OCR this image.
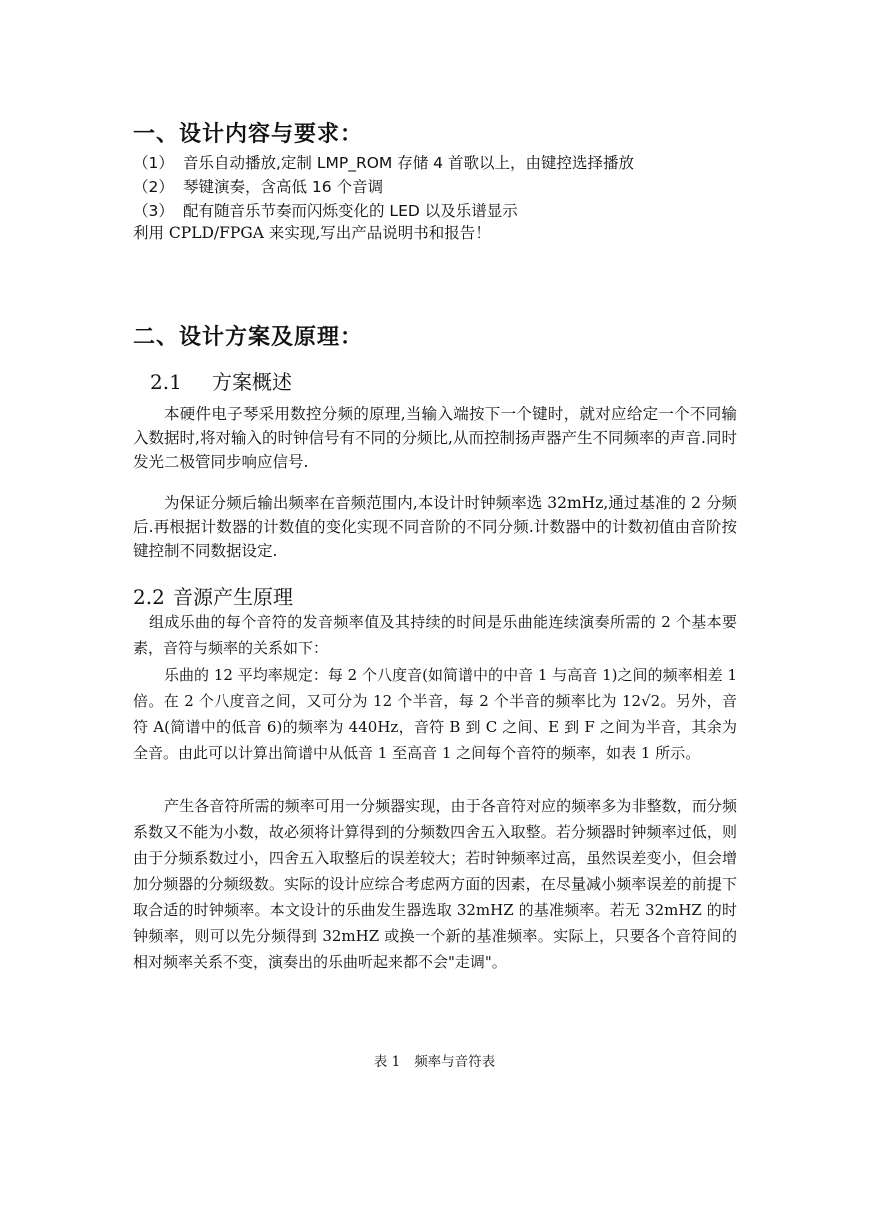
一、设计内容与要求：
（1） 音乐自动播放,定制 LMP_ROM 存储 4 首歌以上，由键控选择播放
（2） 琴键演奏，含高低 16 个音调
（3） 配有随音乐节奏而闪烁变化的 LED 以及乐谱显示
利用 CPLD/FPGA 来实现,写出产品说明书和报告！
二、设计方案及原理：
2.1 方案概述

本硬件电子琴采用数控分频的原理,当输入端按下一个键时，就对应给定一个不同输入数据时,将对输入的时钟信号有不同的分频比,从而控制扬声器产生不同频率的声音.同时发光二极管同步响应信号.

为保证分频后输出频率在音频范围内,本设计时钟频率选 32mHz,通过基准的 2 分频后.再根据计数器的计数值的变化实现不同音阶的不同分频.计数器中的计数初值由音阶按键控制不同数据设定.

2.2 音源产生原理

组成乐曲的每个音符的发音频率值及其持续的时间是乐曲能连续演奏所需的 2 个基本要素，音符与频率的关系如下：

乐曲的 12 平均率规定：每 2 个八度音(如简谱中的中音 1 与高音 1)之间的频率相差 1 倍。在 2 个八度音之间，又可分为 12 个半音，每 2 个半音的频率比为 12√2。另外，音符 A(简谱中的低音 6)的频率为 440Hz，音符 B 到 C 之间、E 到 F 之间为半音，其余为全音。由此可以计算出简谱中从低音 1 至高音 1 之间每个音符的频率，如表 1 所示。

产生各音符所需的频率可用一分频器实现，由于各音符对应的频率多为非整数，而分频系数又不能为小数，故必须将计算得到的分频数四舍五入取整。若分频器时钟频率过低，则由于分频系数过小，四舍五入取整后的误差较大；若时钟频率过高，虽然误差变小，但会增加分频器的分频级数。实际的设计应综合考虑两方面的因素，在尽量减小频率误差的前提下取合适的时钟频率。本文设计的乐曲发生器选取 32mHZ 的基准频率。若无 32mHZ 的时钟频率，则可以先分频得到 32mHZ 或换一个新的基准频率。实际上，只要各个音符间的相对频率关系不变，演奏出的乐曲听起来都不会"走调"。

表 1 频率与音符表
